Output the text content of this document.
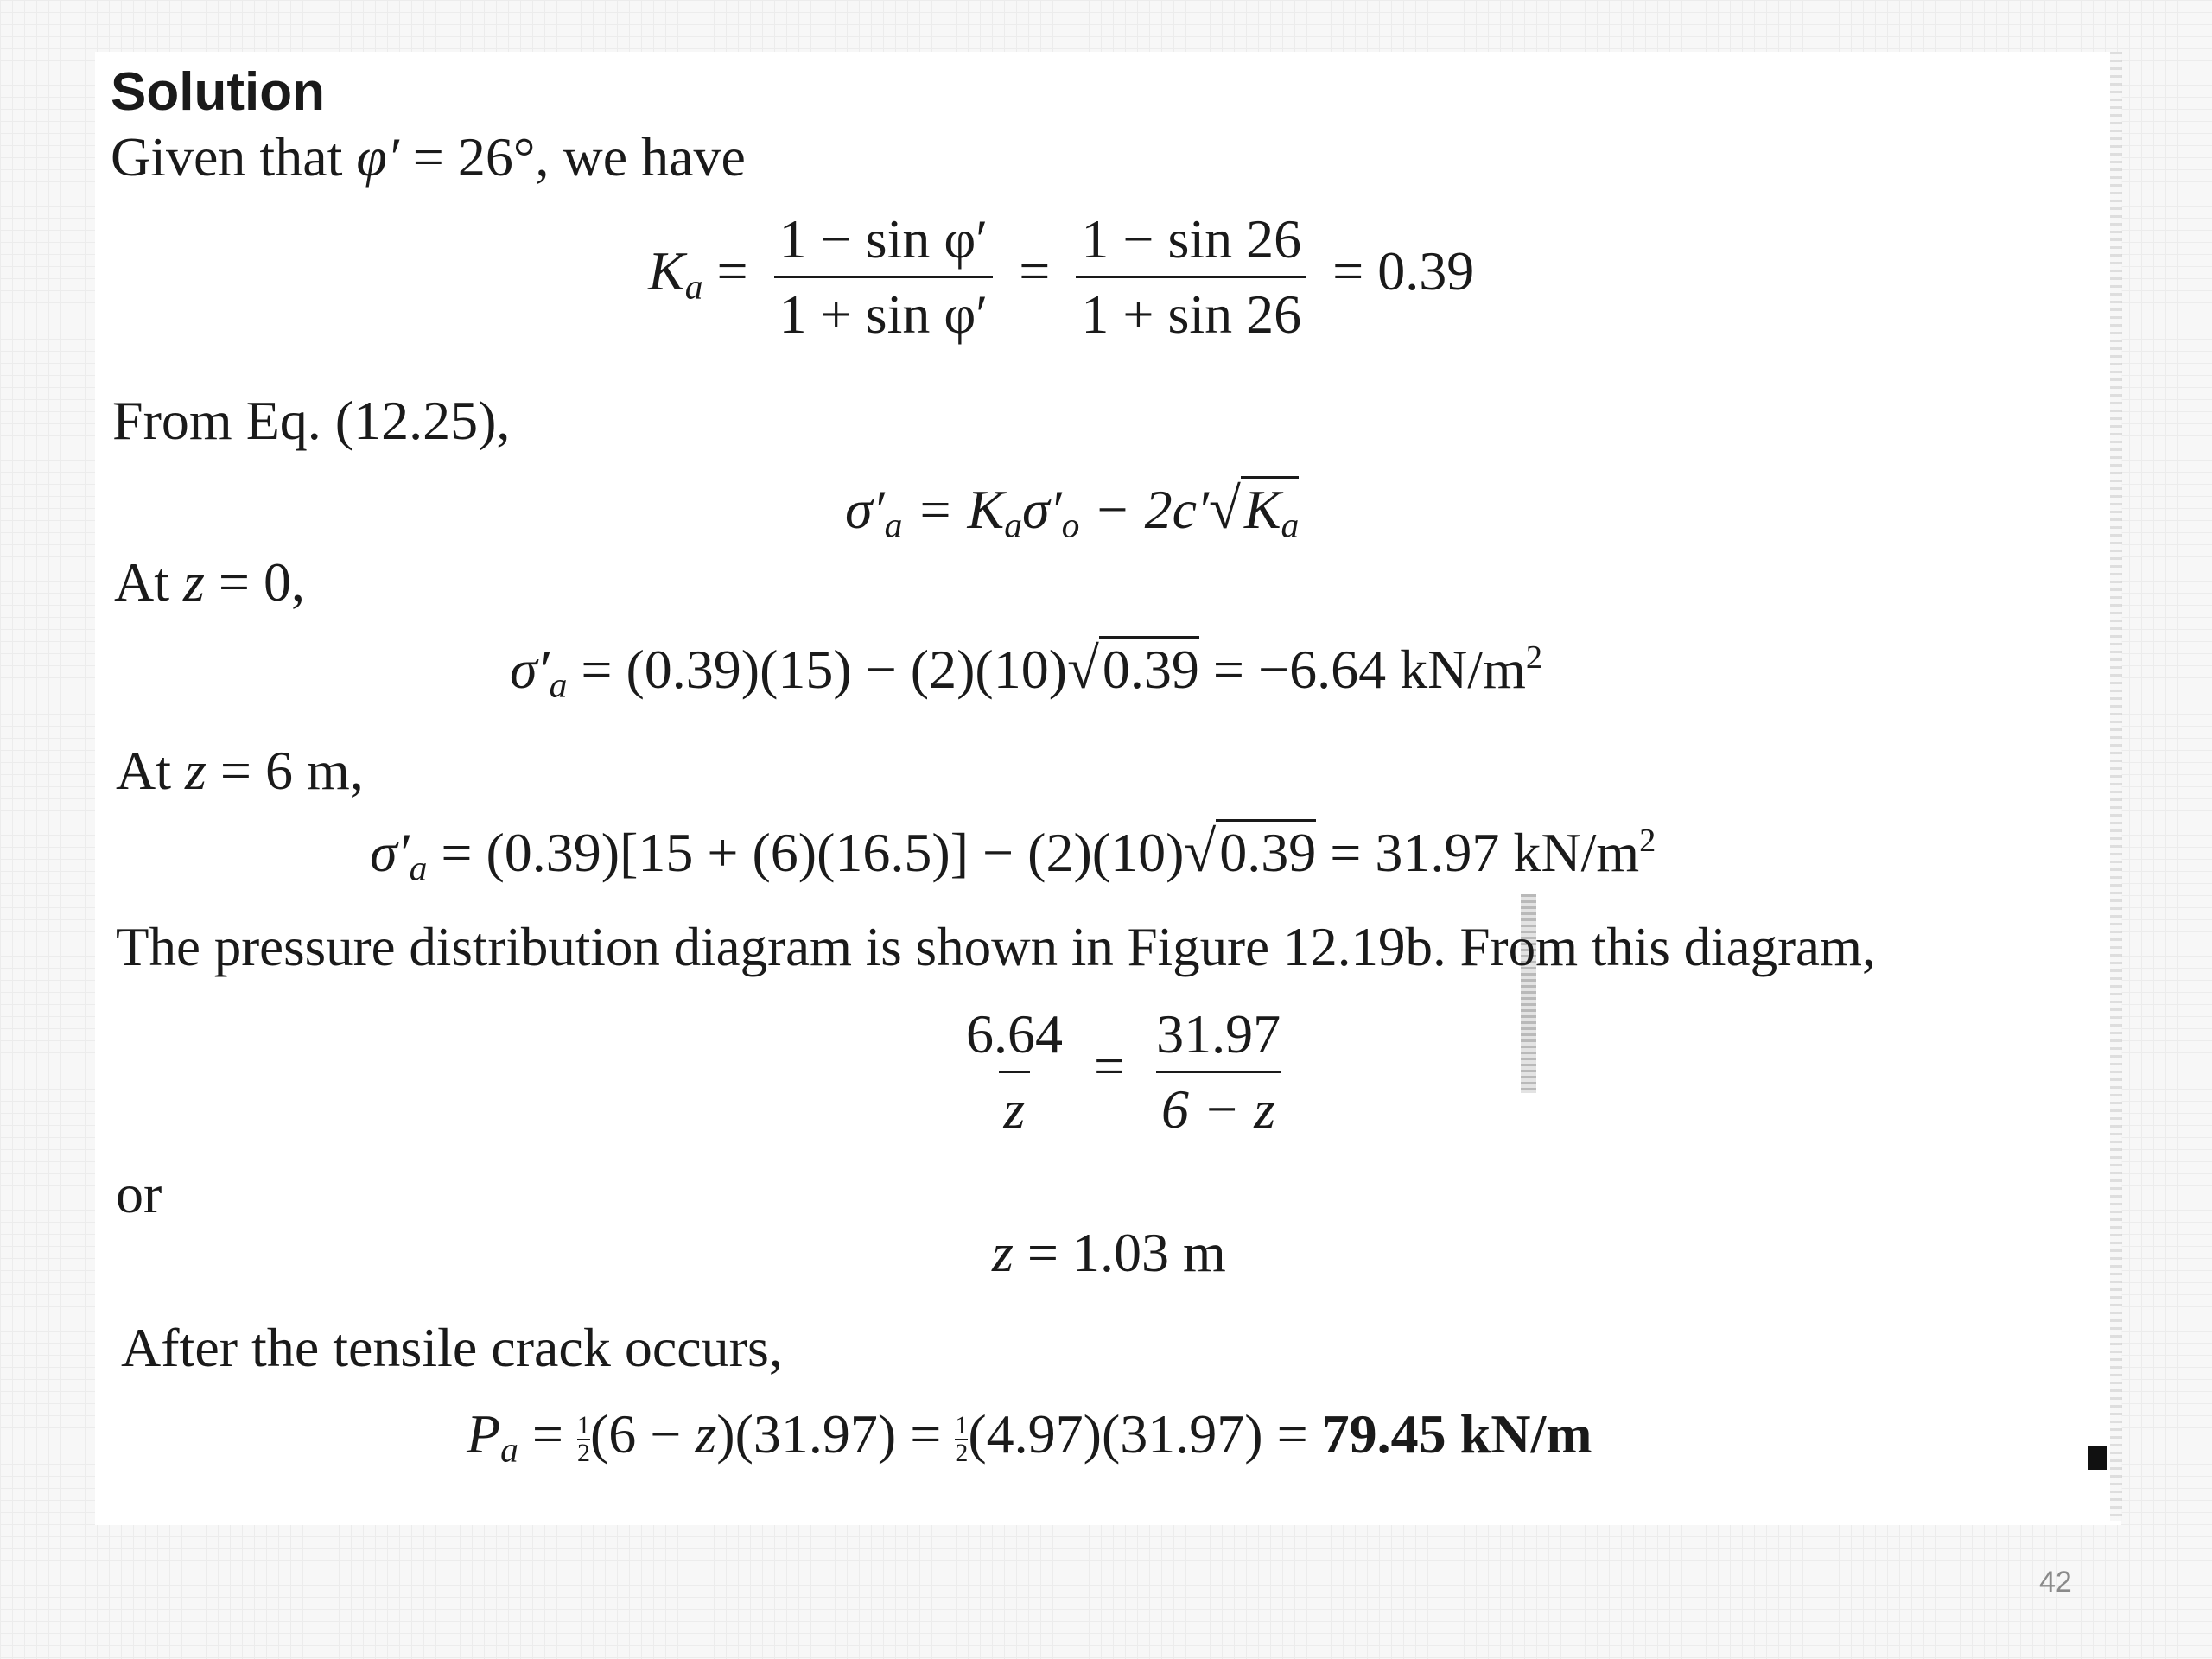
Solution
Given that φ′ = 26°, we have
$K_a = \frac{\text{1 − sin φ′}}{\text{1 + sin φ′}} = \frac{1 - \sin 26}{1 + \sin 26} = 0.39$
From Eq. (12.25),
$\sigma'_a = K_a\sigma'_o - 2c'√K_a$
At z = 0,
$\sigma'_a = (0.39)(15) - (2)(10)√0.39 = -6.64$ $kN/m^2$
At z = 6 m,
$\sigma'_a = (0.39)[15 + (6)(16.5)] - (2)(10)√0.39 = 31.97$ $kN/m^2$
The pressure distribution diagram is shown in Figure 12.19b. From this diagram,
$\frac{6.64}{z} = \frac{31.97}{6 - z}$
or
z = 1.03 m
After the tensile crack occurs,
$P_a = \frac{1}{2} (6 - z)(31.97) = \frac{1}{2} (4.97)(31.97) = 79.45$ kN/m
42
